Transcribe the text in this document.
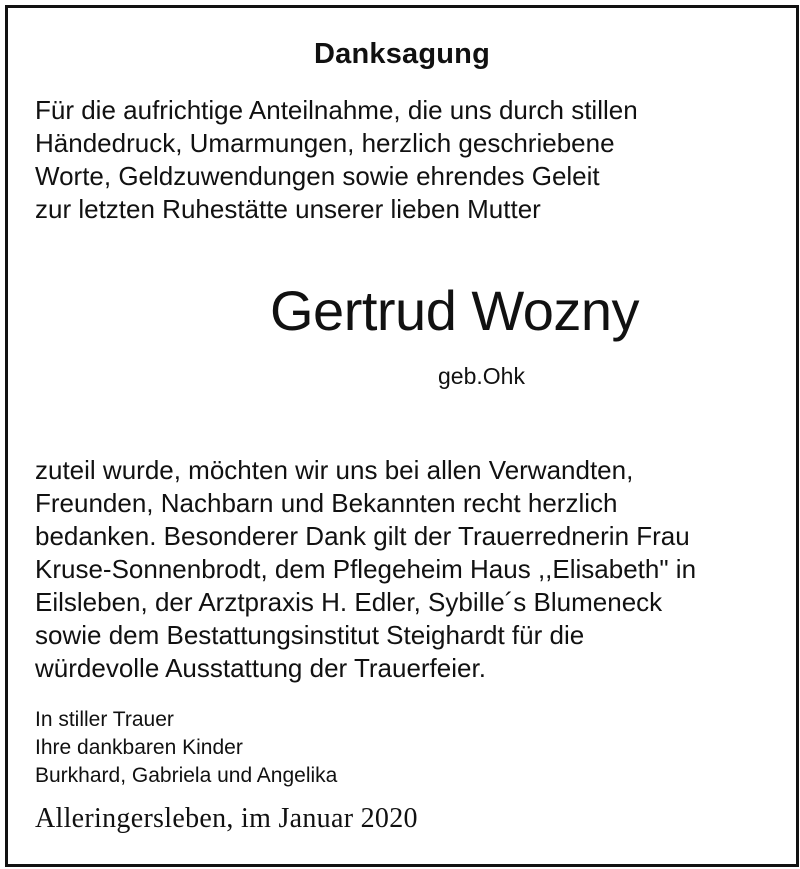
Danksagung
Für die aufrichtige Anteilnahme, die uns durch stillen
Händedruck, Umarmungen, herzlich geschriebene
Worte, Geldzuwendungen sowie ehrendes Geleit
zur letzten Ruhestätte unserer lieben Mutter
Gertrud Wozny
geb.Ohk
zuteil wurde, möchten wir uns bei allen Verwandten,
Freunden, Nachbarn und Bekannten recht herzlich
bedanken. Besonderer Dank gilt der Trauerrednerin Frau
Kruse-Sonnenbrodt, dem Pflegeheim Haus ,,Elisabeth" in
Eilsleben, der Arztpraxis H. Edler, Sybille´s Blumeneck
sowie dem Bestattungsinstitut Steighardt für die
würdevolle Ausstattung der Trauerfeier.
In stiller Trauer
Ihre dankbaren Kinder
Burkhard, Gabriela und Angelika
Alleringersleben, im Januar 2020
